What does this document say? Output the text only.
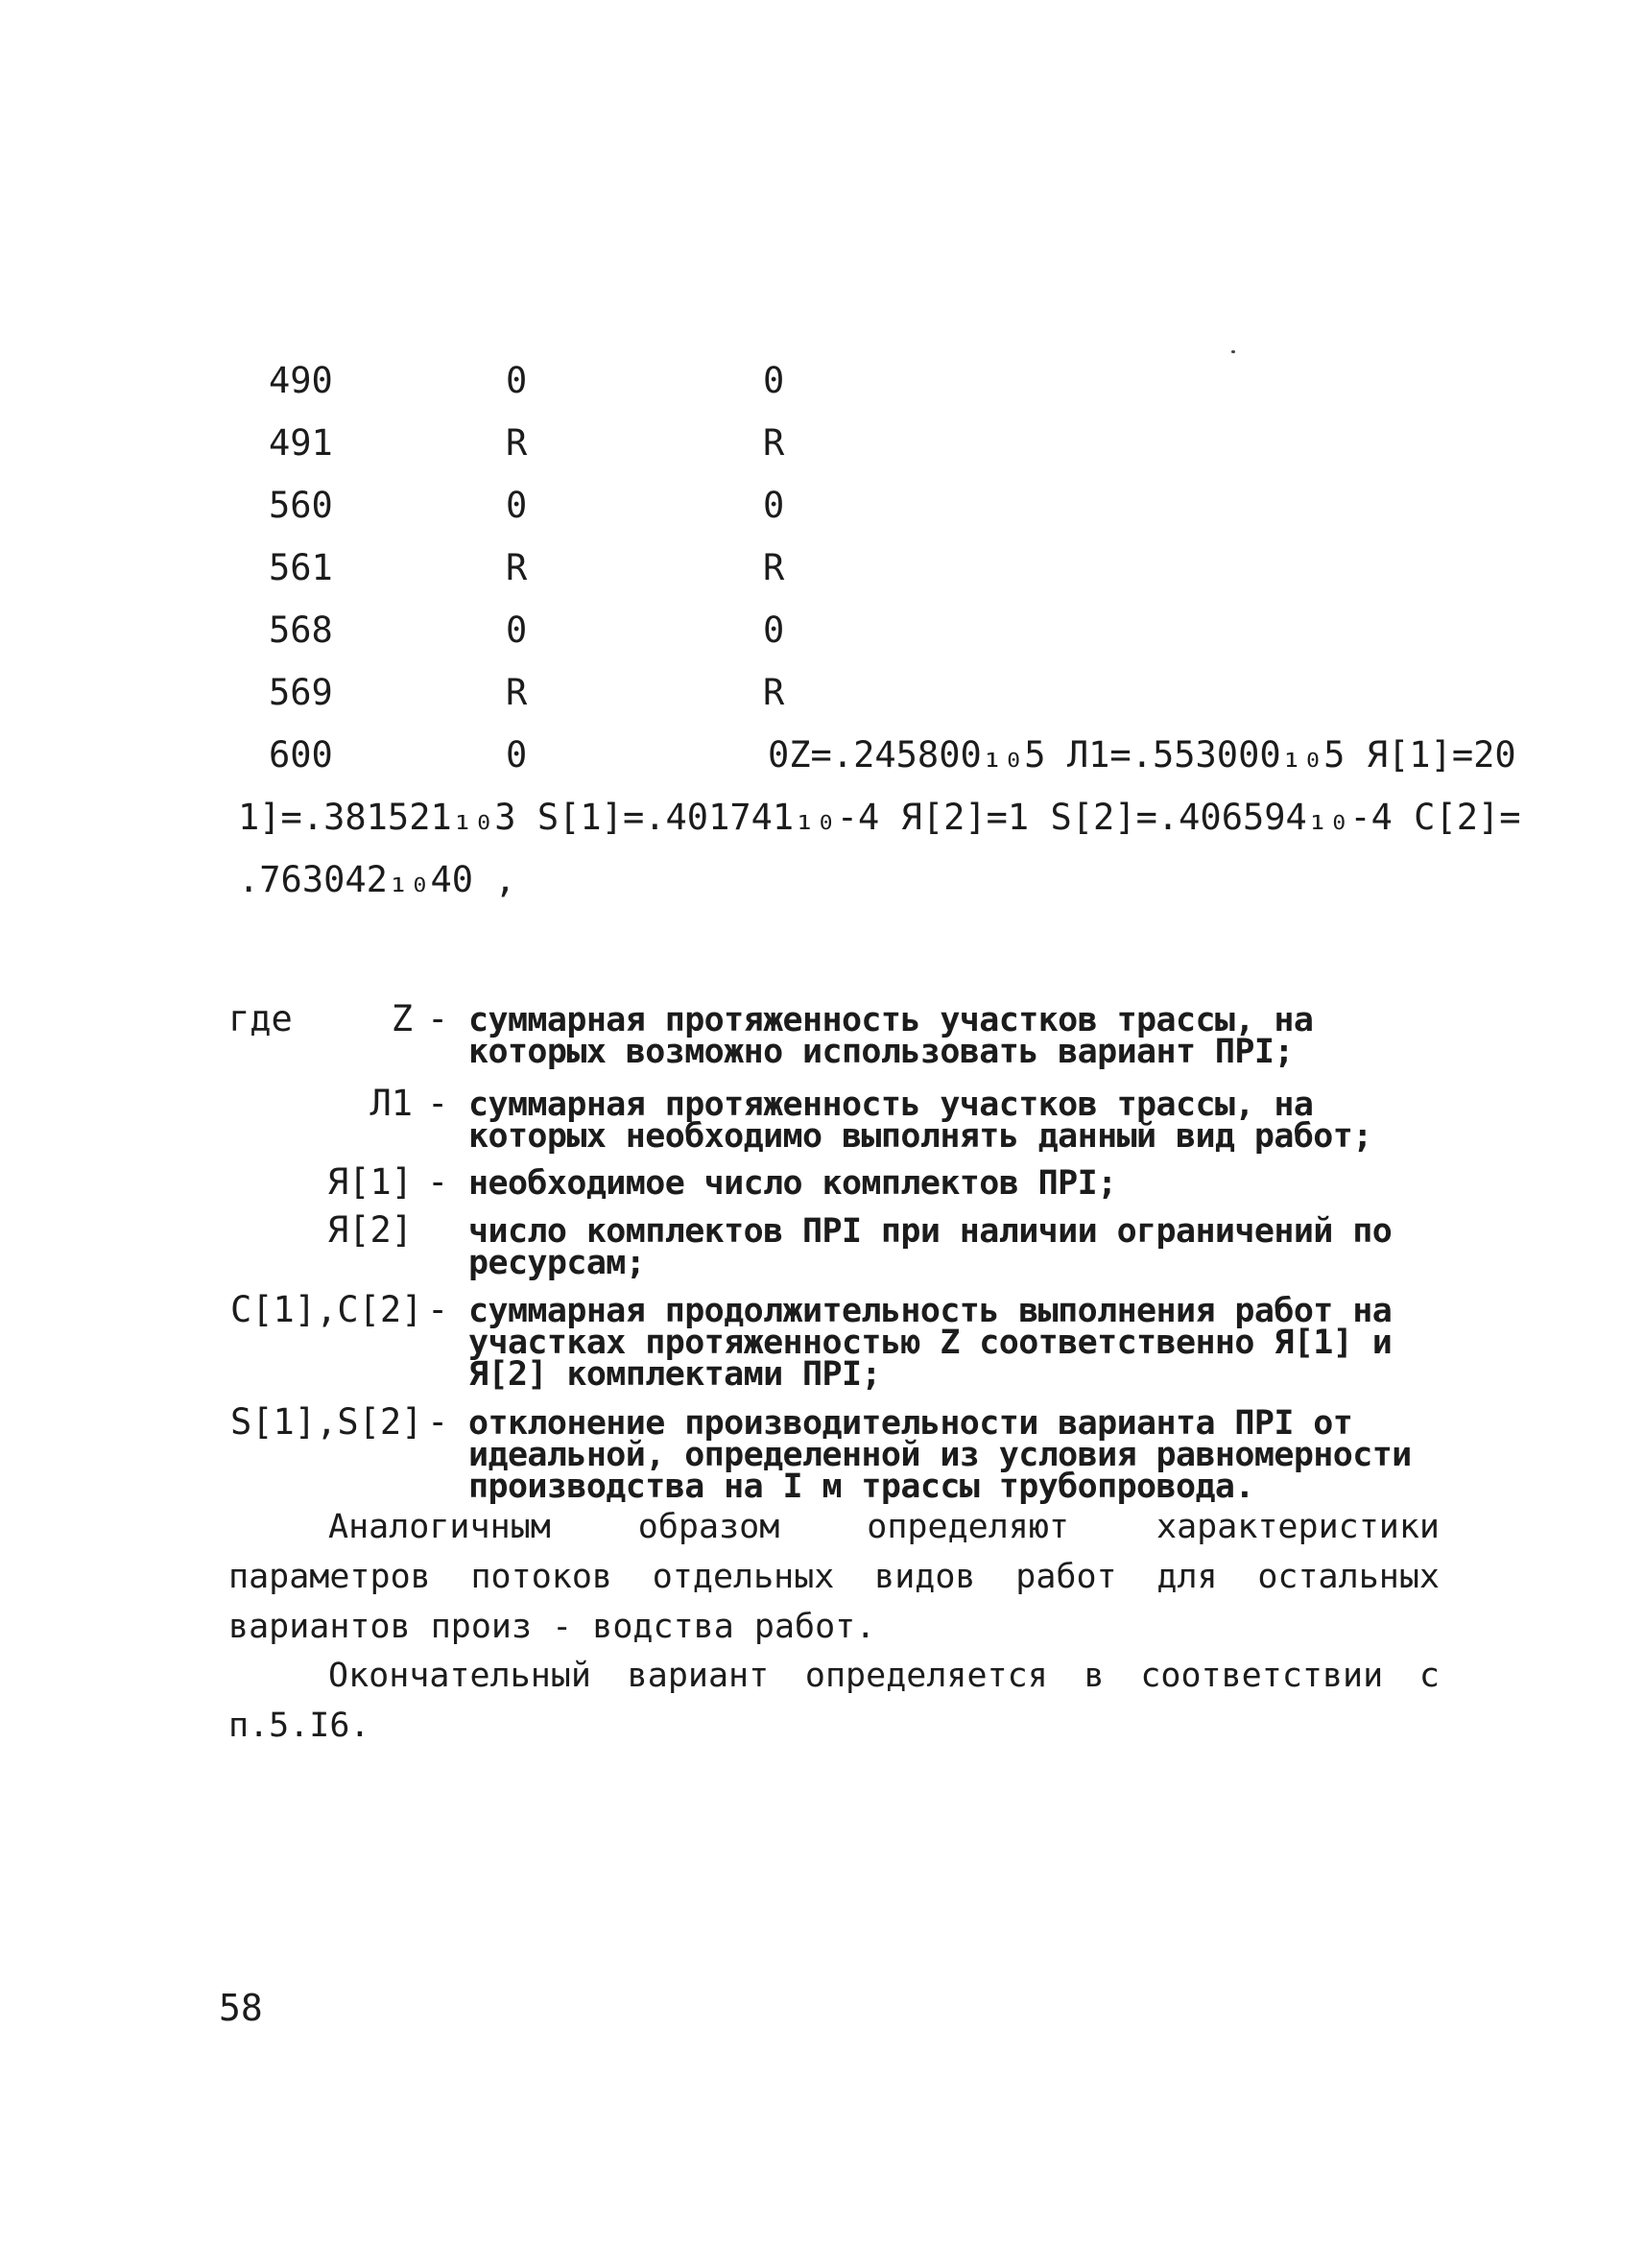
490	0	0
491	R	R
560	0	0
561	R	R
568	0	0
569	R	R
600	0	0Z=.245800₁₀5 Л1=.553000₁₀5 Я[1]=20
1]=.381521₁₀3 S[1]=.401741₁₀-4 Я[2]=1 S[2]=.406594₁₀-4 C[2]=
.763042₁₀40 ,
где	Z - суммарная протяженность участков трассы, на которых возможно использовать вариант ПРI;
Л1 - суммарная протяженность участков трассы, на которых необходимо выполнять данный вид работ;
Я[1] - необходимое число комплектов ПРI;
Я[2] число комплектов ПРI при наличии ограничений по ресурсам;
С[1],С[2] - суммарная продолжительность выполнения работ на участках протяженностью Z соответственно Я[1] и Я[2] комплектами ПРI;
S[1],S[2] - отклонение производительности варианта ПРI от идеальной, определенной из условия равномерности производства на I м трассы трубопровода.
Аналогичным образом определяют характеристики параметров потоков отдельных видов работ для остальных вариантов произ - водства работ.
Окончательный вариант определяется в соответствии с п.5.I6.
58
